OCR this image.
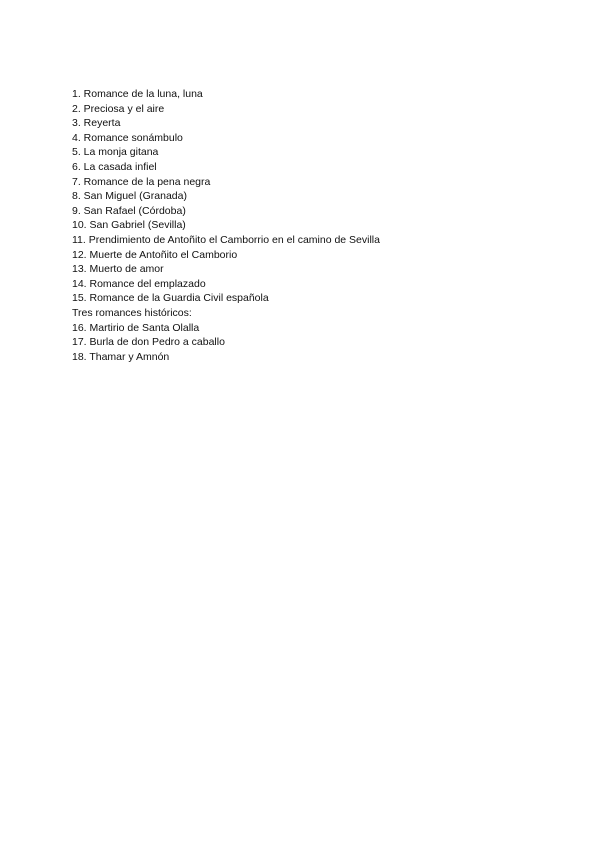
1. Romance de la luna, luna
2. Preciosa y el aire
3. Reyerta
4. Romance sonámbulo
5. La monja gitana
6. La casada infiel
7. Romance de la pena negra
8. San Miguel (Granada)
9. San Rafael (Córdoba)
10. San Gabriel (Sevilla)
11. Prendimiento de Antoñito el Camborrio en el camino de Sevilla
12. Muerte de Antoñito el Camborio
13. Muerto de amor
14. Romance del emplazado
15. Romance de la Guardia Civil española
Tres romances históricos:
16. Martirio de Santa Olalla
17. Burla de don Pedro a caballo
18. Thamar y Amnón
